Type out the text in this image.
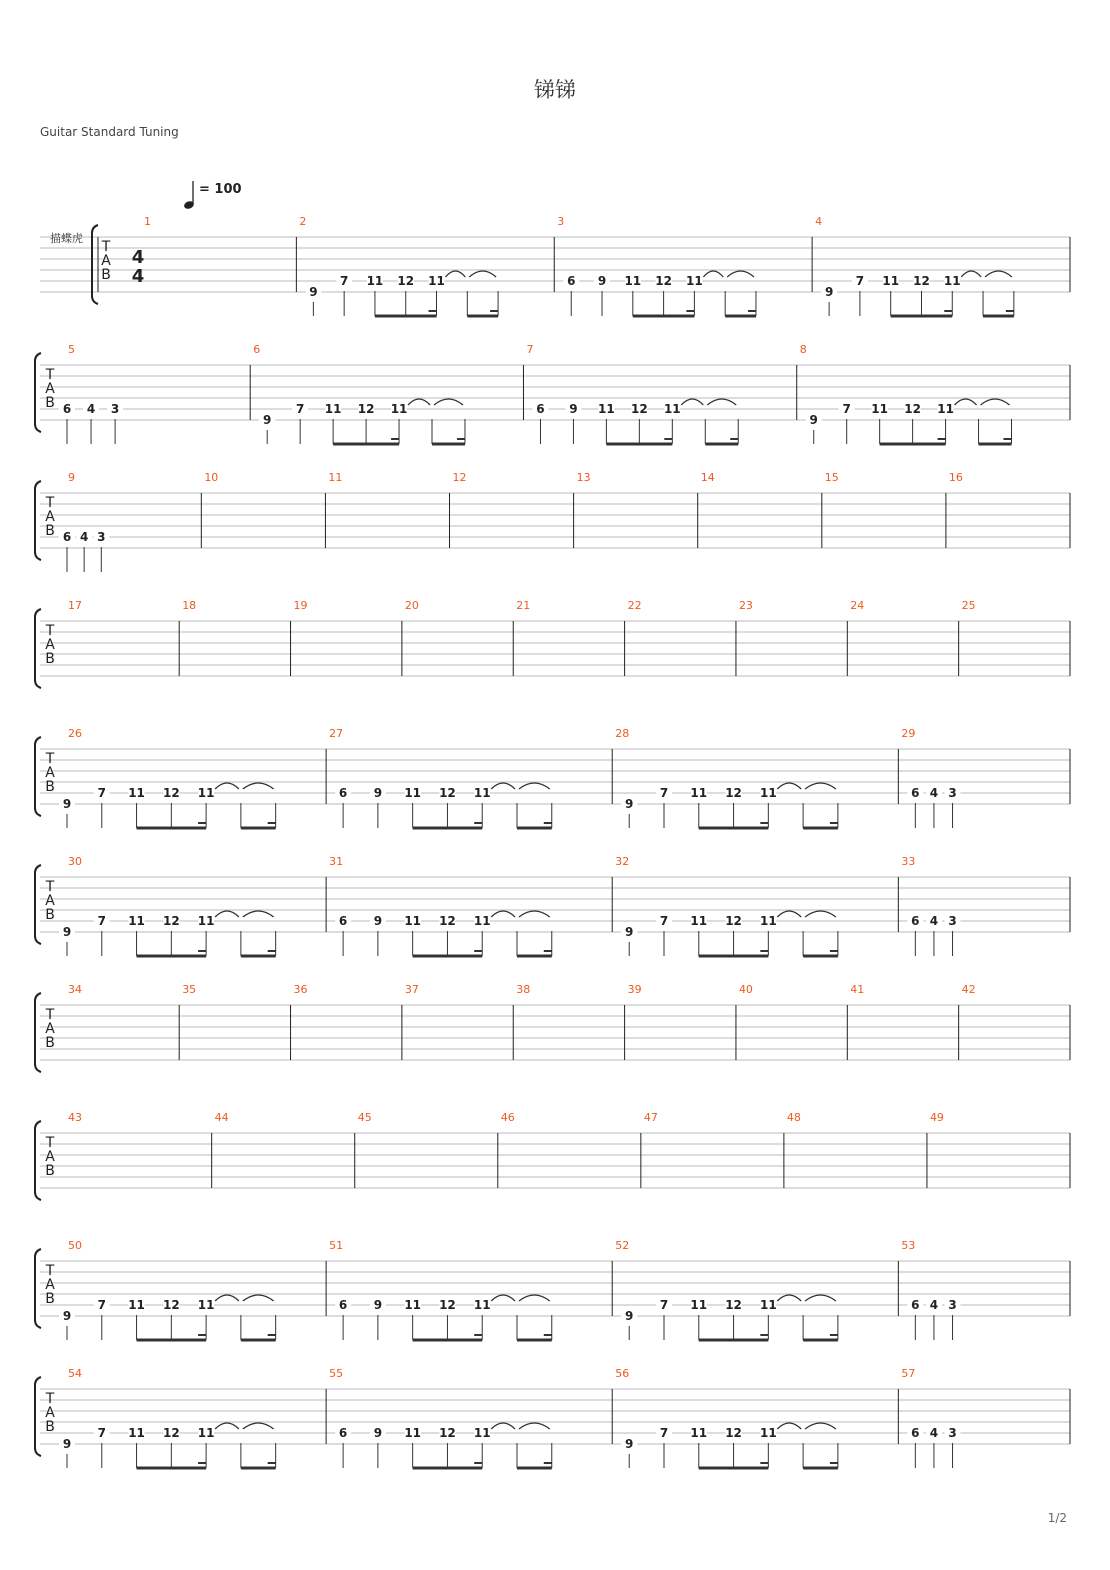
锑锑
Guitar Standard Tuning
1/2
T
A
B
1
4
4
2
9
7 11 12 11
3
6 9 11 12 11
4
9
7 11 12 11
T
A
B
5
6 4 3
6
9
7 11 12 11
7
6 9 11 12 11
8
9
7 11 12 11
T
A
B
9
6 4 3
10	11	12	13	14	15	16
T
A
B
17	18	19	20	21	22	23	24	25
T
A
B
26
9
7 11 12 11
27
6 9 11 12 11
28
9
7 11 12 11
29
6 4 3
T
A
B
30
9
7 11 12 11
31
6 9 11 12 11
32
9
7 11 12 11
33
6 4 3
T
A
B
34	35	36	37	38	39	40	41	42
T
A
B
43	44	45	46	47	48	49
T
A
B
50
9
7 11 12 11
51
6 9 11 12 11
52
9
7 11 12 11
53
6 4 3
T
A
B
54
9
7 11 12 11
55
6 9 11 12 11
56
9
7 11 12 11
57
6 4 3
描蝶虎
= 100
